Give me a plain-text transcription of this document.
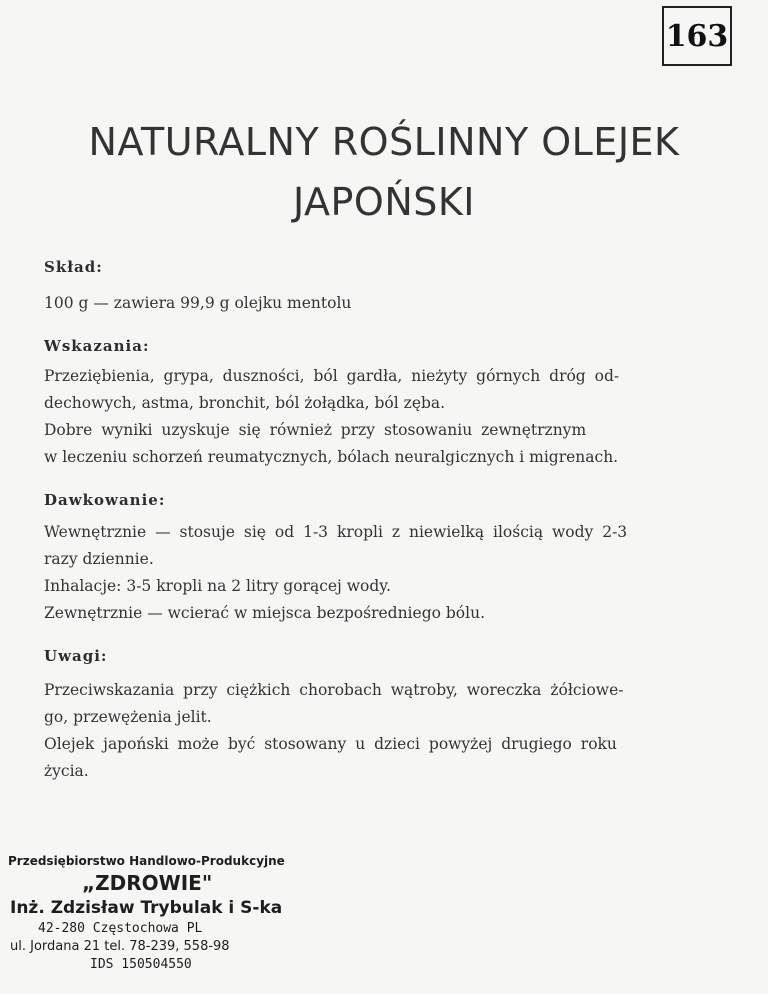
163
NATURALNY ROŚLINNY OLEJEK
JAPOŃSKI

Skład:

100 g — zawiera 99,9 g olejku mentolu

Wskazania:

Przeziębienia, grypa, duszności, ból gardła, nieżyty górnych dróg od-

dechowych, astma, bronchit, ból żołądka, ból zęba.

Dobre wyniki uzyskuje się również przy stosowaniu zewnętrznym

w leczeniu schorzeń reumatycznych, bólach neuralgicznych i migrenach.

Dawkowanie:

Wewnętrznie — stosuje się od 1-3 kropli z niewielką ilością wody 2-3

razy dziennie.

Inhalacje: 3-5 kropli na 2 litry gorącej wody.

Zewnętrznie — wcierać w miejsca bezpośredniego bólu.

Uwagi:

Przeciwskazania przy ciężkich chorobach wątroby, woreczka żółciowe-

go, przewężenia jelit.

Olejek japoński może być stosowany u dzieci powyżej drugiego roku

życia.

Przedsiębiorstwo Handlowo-Produkcyjne
„ZDROWIE"
Inż. Zdzisław Trybulak i S-ka
42-280 Częstochowa PL
ul. Jordana 21 tel. 78-239, 558-98
IDS 150504550
